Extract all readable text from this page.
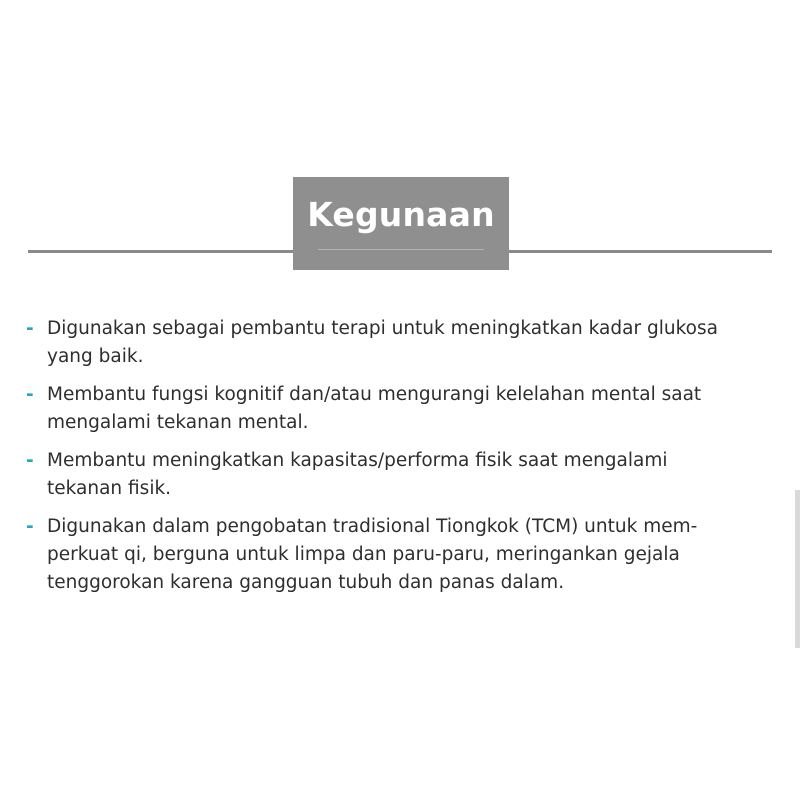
Kegunaan
- Digunakan sebagai pembantu terapi untuk meningkatkan kadar glukosa
yang baik.
- Membantu fungsi kognitif dan/atau mengurangi kelelahan mental saat
mengalami tekanan mental.
- Membantu meningkatkan kapasitas/performa fisik saat mengalami
tekanan fisik.
- Digunakan dalam pengobatan tradisional Tiongkok (TCM) untuk mem-
perkuat qi, berguna untuk limpa dan paru-paru, meringankan gejala
tenggorokan karena gangguan tubuh dan panas dalam.
